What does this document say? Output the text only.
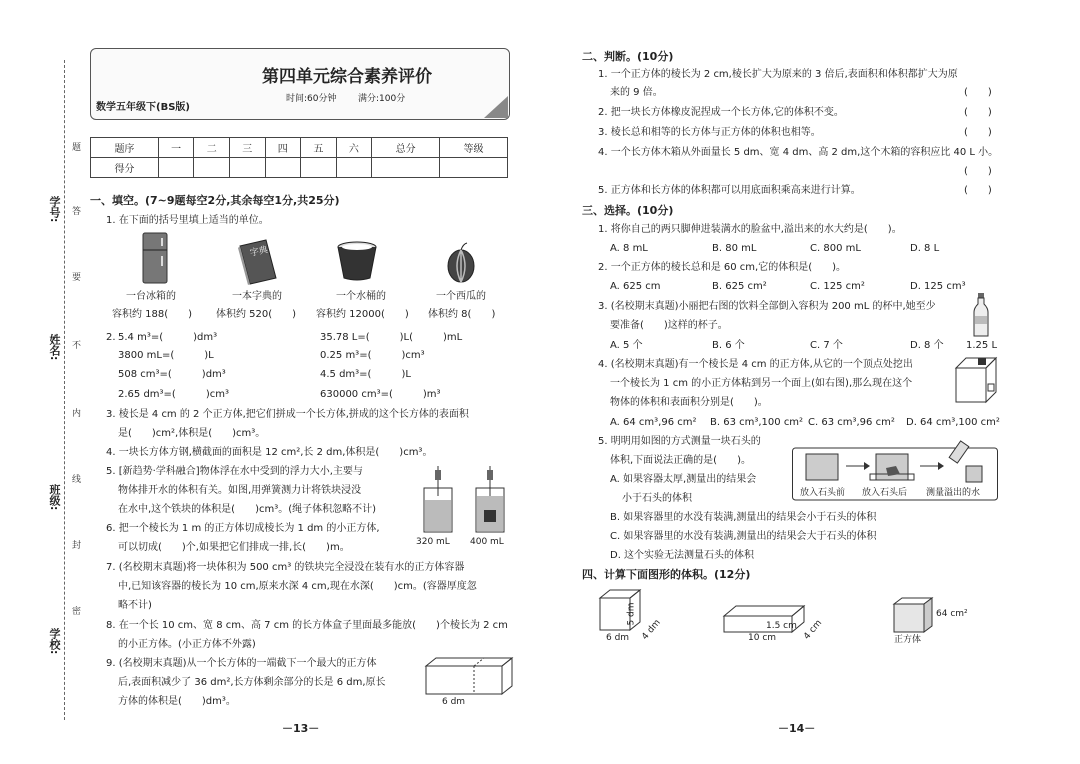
学号:
姓名:
班级:
学校:
题
答
要
不
内
线
封
密
第四单元综合素养评价
数学五年级下(BS版)
时间:60分钟 满分:100分
题序	一	二	三	四	五	六	总分	等级
得分								
一、填空。(7~9题每空2分,其余每空1分,共25分)
1. 在下面的括号里填上适当的单位。
字典
一台冰箱的
容积约 188(　　)
一本字典的
体积约 520(　　)
一个水桶的
容积约 12000(　　)
一个西瓜的
体积约 8(　　)
2. 5.4 m³=(　　　)dm³	35.78 L=(　　　)L(　　　)mL
3800 mL=(　　　)L	0.25 m³=(　　　)cm³
508 cm³=(　　　)dm³	4.5 dm³=(　　　)L
2.65 dm³=(　　　)cm³	630000 cm³=(　　　)m³
3. 棱长是 4 cm 的 2 个正方体,把它们拼成一个长方体,拼成的这个长方体的表面积
是(　　)cm²,体积是(　　)cm³。
4. 一块长方体方钢,横截面的面积是 12 cm²,长 2 dm,体积是(　　)cm³。
5. [新趋势·学科融合]物体浮在水中受到的浮力大小,主要与
物体排开水的体积有关。如图,用弹簧测力计将铁块浸没
在水中,这个铁块的体积是(　　)cm³。(绳子体积忽略不计)
320 mL 400 mL
6. 把一个棱长为 1 m 的正方体切成棱长为 1 dm 的小正方体,
可以切成(　　)个,如果把它们排成一排,长(　　)m。
7. (名校期末真题)将一块体积为 500 cm³ 的铁块完全浸没在装有水的正方体容器
中,已知该容器的棱长为 10 cm,原来水深 4 cm,现在水深(　　)cm。(容器厚度忽
略不计)
8. 在一个长 10 cm、宽 8 cm、高 7 cm 的长方体盒子里面最多能放(　　)个棱长为 2 cm
的小正方体。(小正方体不外露)
9. (名校期末真题)从一个长方体的一端截下一个最大的正方体
后,表面积减少了 36 dm²,长方体剩余部分的长是 6 dm,原长
方体的体积是(　　)dm³。	6 dm
－13－
二、判断。(10分)
1. 一个正方体的棱长为 2 cm,棱长扩大为原来的 3 倍后,表面积和体积都扩大为原
来的 9 倍。	(　　)
2. 把一块长方体橡皮泥捏成一个长方体,它的体积不变。	(　　)
3. 棱长总和相等的长方体与正方体的体积也相等。	(　　)
4. 一个长方体木箱从外面量长 5 dm、宽 4 dm、高 2 dm,这个木箱的容积应比 40 L 小。
(　　)
5. 正方体和长方体的体积都可以用底面积乘高来进行计算。	(　　)
三、选择。(10分)
1. 将你自己的两只脚伸进装满水的脸盆中,溢出来的水大约是(　　)。
A. 8 mL	B. 80 mL	C. 800 mL	D. 8 L
2. 一个正方体的棱长总和是 60 cm,它的体积是(　　)。
A. 625 cm	B. 625 cm²	C. 125 cm²	D. 125 cm³
3. (名校期末真题)小丽把右图的饮料全部倒入容积为 200 mL 的杯中,她至少
要准备(　　)这样的杯子。
A. 5 个	B. 6 个	C. 7 个	D. 8 个 1.25 L
4. (名校期末真题)有一个棱长是 4 cm 的正方体,从它的一个顶点处挖出
一个棱长为 1 cm 的小正方体粘到另一个面上(如右图),那么现在这个
物体的体积和表面积分别是(　　)。
A. 64 cm³,96 cm² B. 63 cm³,100 cm² C. 63 cm³,96 cm² D. 64 cm³,100 cm²
5. 明明用如图的方式测量一块石头的
体积,下面说法正确的是(　　)。
A. 如果容器太厚,测量出的结果会
小于石头的体积
B. 如果容器里的水没有装满,测量出的结果会小于石头的体积
C. 如果容器里的水没有装满,测量出的结果会大于石头的体积
D. 这个实验无法测量石头的体积
放入石头前 放入石头后 测量溢出的水
四、计算下面图形的体积。(12分)
5 dm
6 dm 4 dm	1.5 cm
10 cm	4 cm
64 cm²
正方体
－14－
